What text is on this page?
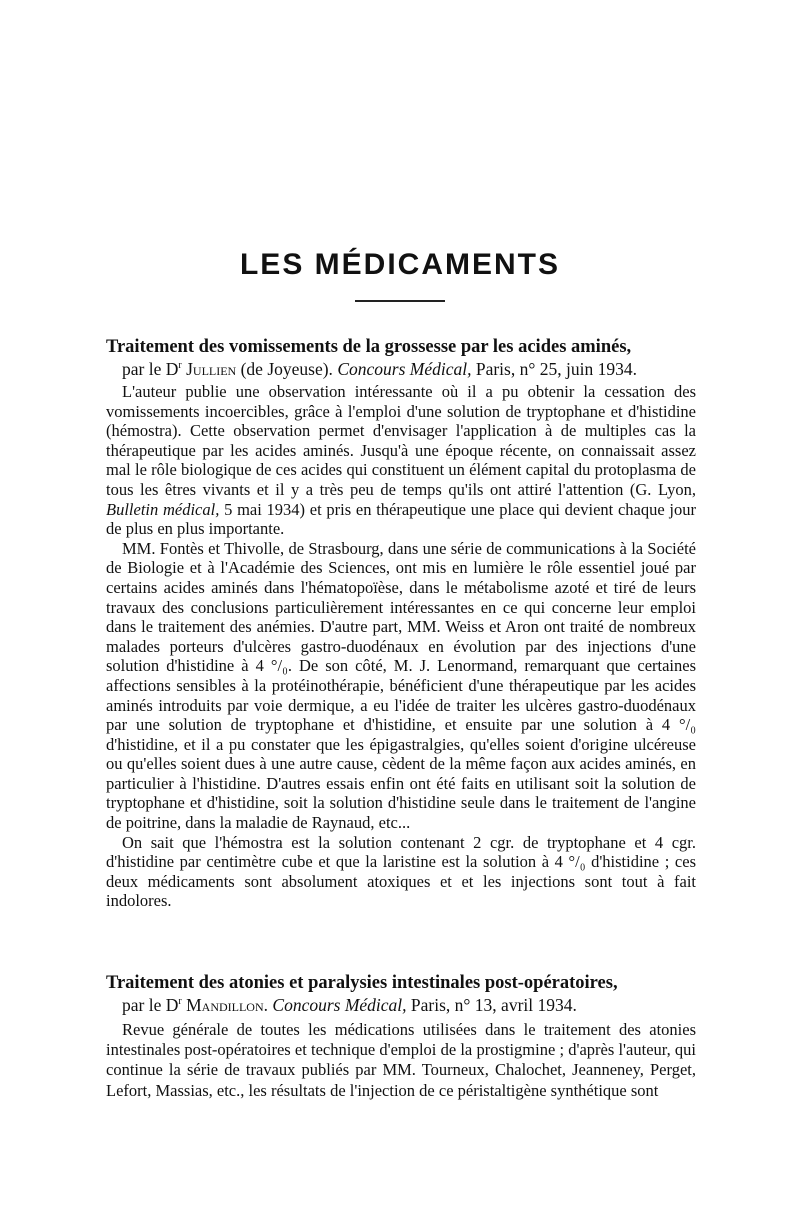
LES MÉDICAMENTS
Traitement des vomissements de la grossesse par les acides aminés,
par le $D^r$ Jullien (de Joyeuse). Concours Médical, Paris, n° 25, juin 1934.

L'auteur publie une observation intéressante où il a pu obtenir la cessation des vomissements incoercibles, grâce à l'emploi d'une solution de tryptophane et d'histidine (hémostra). Cette observation permet d'envisager l'application à de multiples cas la thérapeutique par les acides aminés. Jusqu'à une époque récente, on connaissait assez mal le rôle biologique de ces acides qui constituent un élément capital du protoplasma de tous les êtres vivants et il y a très peu de temps qu'ils ont attiré l'attention (G. Lyon, Bulletin médical, 5 mai 1934) et pris en thérapeutique une place qui devient chaque jour de plus en plus importante.

MM. Fontès et Thivolle, de Strasbourg, dans une série de communications à la Société de Biologie et à l'Académie des Sciences, ont mis en lumière le rôle essentiel joué par certains acides aminés dans l'hématopoïèse, dans le métabolisme azoté et tiré de leurs travaux des conclusions particulièrement intéressantes en ce qui concerne leur emploi dans le traitement des anémies. D'autre part, MM. Weiss et Aron ont traité de nombreux malades porteurs d'ulcères gastro-duodénaux en évolution par des injections d'une solution d'histidine à 4 °/₀. De son côté, M. J. Lenormand, remarquant que certaines affections sensibles à la protéinothérapie, bénéficient d'une thérapeutique par les acides aminés introduits par voie dermique, a eu l'idée de traiter les ulcères gastro-duodénaux par une solution de tryptophane et d'histidine, et ensuite par une solution à 4 °/₀ d'histidine, et il a pu constater que les épigastralgies, qu'elles soient d'origine ulcéreuse ou qu'elles soient dues à une autre cause, cèdent de la même façon aux acides aminés, en particulier à l'histidine. D'autres essais enfin ont été faits en utilisant soit la solution de tryptophane et d'histidine, soit la solution d'histidine seule dans le traitement de l'angine de poitrine, dans la maladie de Raynaud, etc...

On sait que l'hémostra est la solution contenant 2 cgr. de tryptophane et 4 cgr. d'histidine par centimètre cube et que la laristine est la solution à 4 °/₀ d'histidine ; ces deux médicaments sont absolument atoxiques et et les injections sont tout à fait indolores.

Traitement des atonies et paralysies intestinales post-opératoires,
par le $D^r$ Mandillon. Concours Médical, Paris, n° 13, avril 1934.

Revue générale de toutes les médications utilisées dans le traitement des atonies intestinales post-opératoires et technique d'emploi de la prostigmine ; d'après l'auteur, qui continue la série de travaux publiés par MM. Tourneux, Chalochet, Jeanneney, Perget, Lefort, Massias, etc., les résultats de l'injection de ce péristaltigène synthétique sont
